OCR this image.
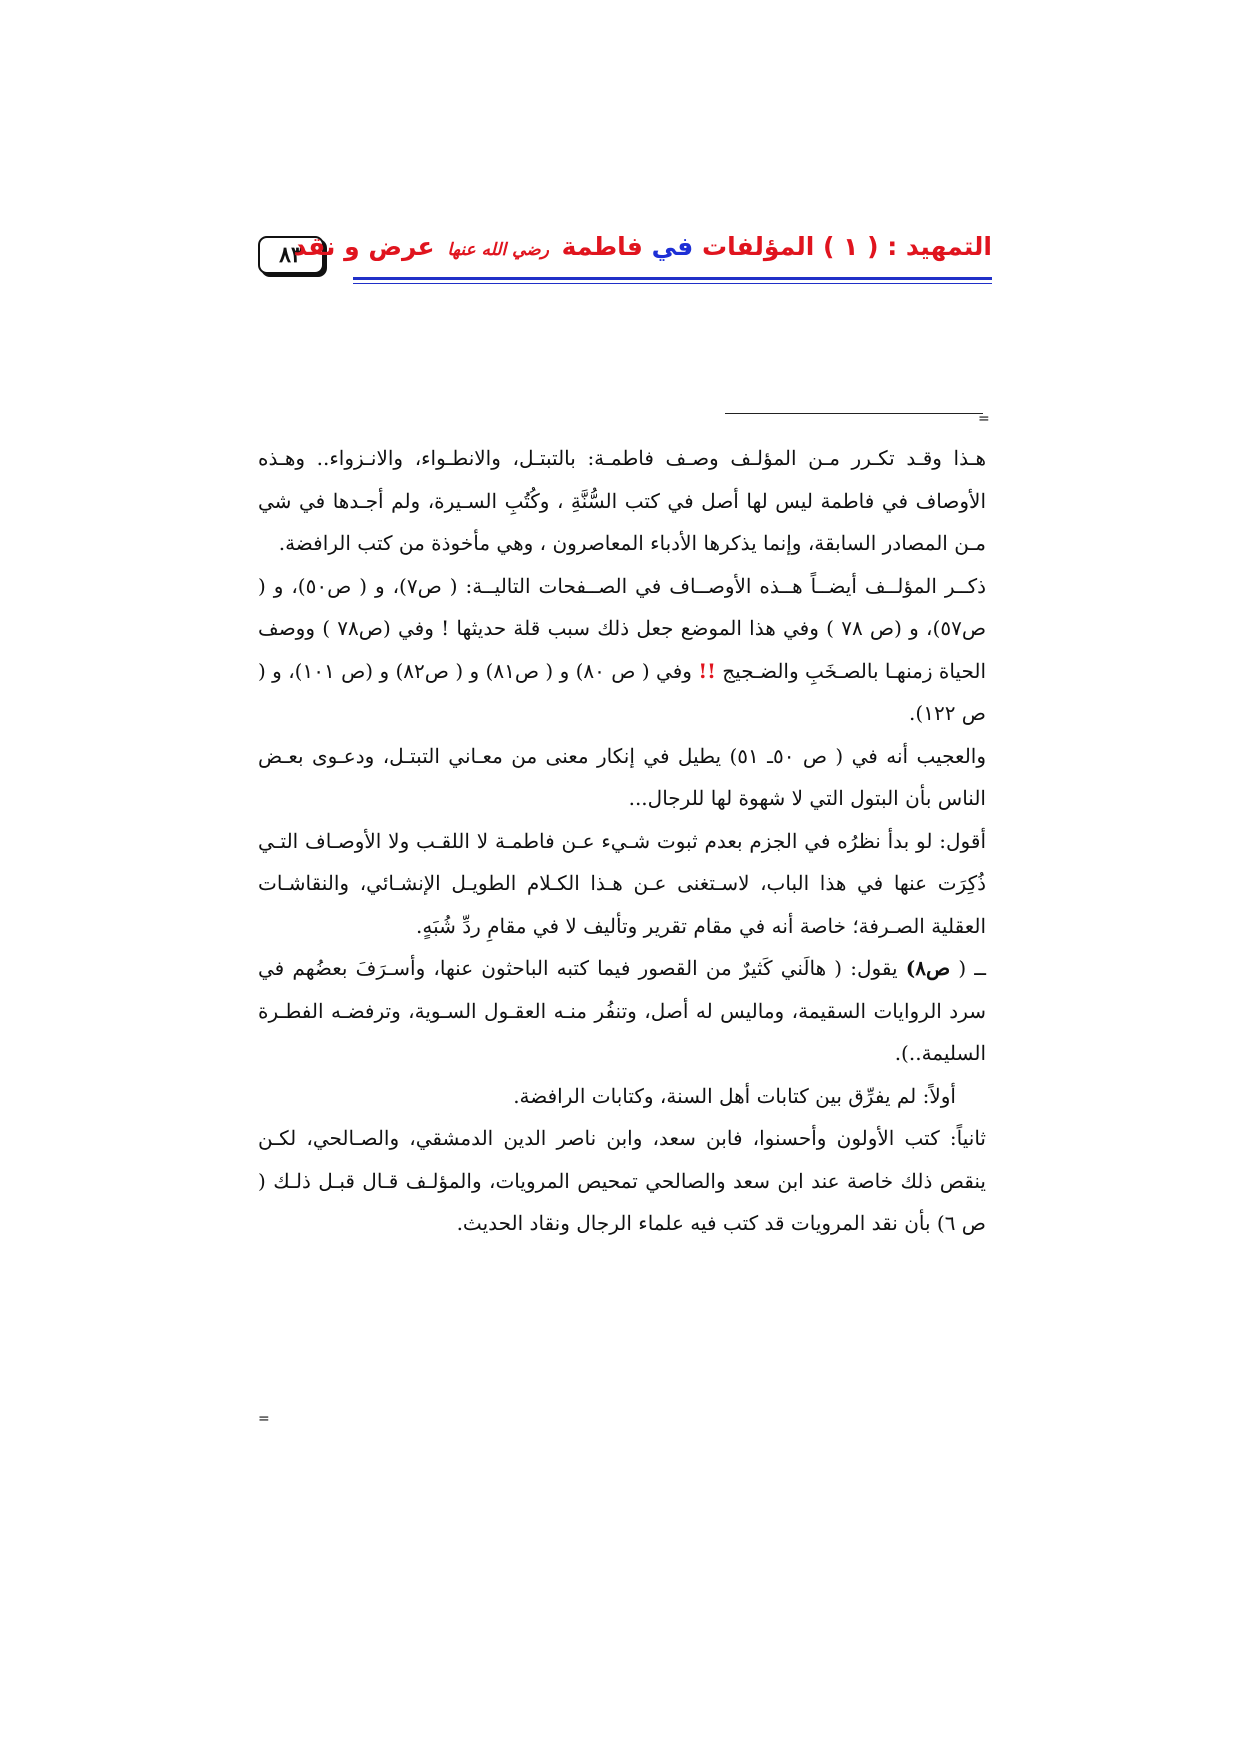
٨٣	التمهيد : ( ١ ) المؤلفات في فاطمة رضي الله عنها عرض و نقد
=

هـذا وقـد تكـرر مـن المؤلـف وصـف فاطمـة: بالتبتـل، والانطـواء، والانـزواء.. وهـذه الأوصاف في فاطمة ليس لها أصل في كتب السُّنَّةِ ، وكُتُبِ السـيرة، ولم أجـدها في شي مـن المصادر السابقة، وإنما يذكرها الأدباء المعاصرون ، وهي مأخوذة من كتب الرافضة.

ذكــر المؤلــف أيضــاً هــذه الأوصــاف في الصــفحات التاليــة: ( ص٧)، و ( ص٥٠)، و ( ص٥٧)، و (ص ٧٨ ) وفي هذا الموضع جعل ذلك سبب قلة حديثها ! وفي (ص٧٨ ) ووصف الحياة زمنهـا بالصـخَبِ والضـجيج !! وفي ( ص ٨٠) و ( ص٨١) و ( ص٨٢) و (ص ١٠١)، و ( ص ١٢٢).

والعجيب أنه في ( ص ٥٠ـ ٥١) يطيل في إنكار معنى من معـاني التبتـل، ودعـوى بعـض الناس بأن البتول التي لا شهوة لها للرجال...

أقول: لو بدأ نظرُه في الجزم بعدم ثبوت شـيء عـن فاطمـة لا اللقـب ولا الأوصـاف التـي ذُكِرَت عنها في هذا الباب، لاسـتغنى عـن هـذا الكـلام الطويـل الإنشـائي، والنقاشـات العقلية الصـرفة؛ خاصة أنه في مقام تقرير وتأليف لا في مقامِ ردِّ شُبَهٍ.

ــ ( ص٨) يقول: ( هالَني كَثيرٌ من القصور فيما كتبه الباحثون عنها، وأسـرَفَ بعضُهم في سرد الروايات السقيمة، وماليس له أصل، وتنفُر منـه العقـول السـوية، وترفضـه الفطـرة السليمة..).

أولاً: لم يفرِّق بين كتابات أهل السنة، وكتابات الرافضة.

ثانياً: كتب الأولون وأحسنوا، فابن سعد، وابن ناصر الدين الدمشقي، والصـالحي، لكـن ينقص ذلك خاصة عند ابن سعد والصالحي تمحيص المرويات، والمؤلـف قـال قبـل ذلـك ( ص ٦) بأن نقد المرويات قد كتب فيه علماء الرجال ونقاد الحديث.

=
